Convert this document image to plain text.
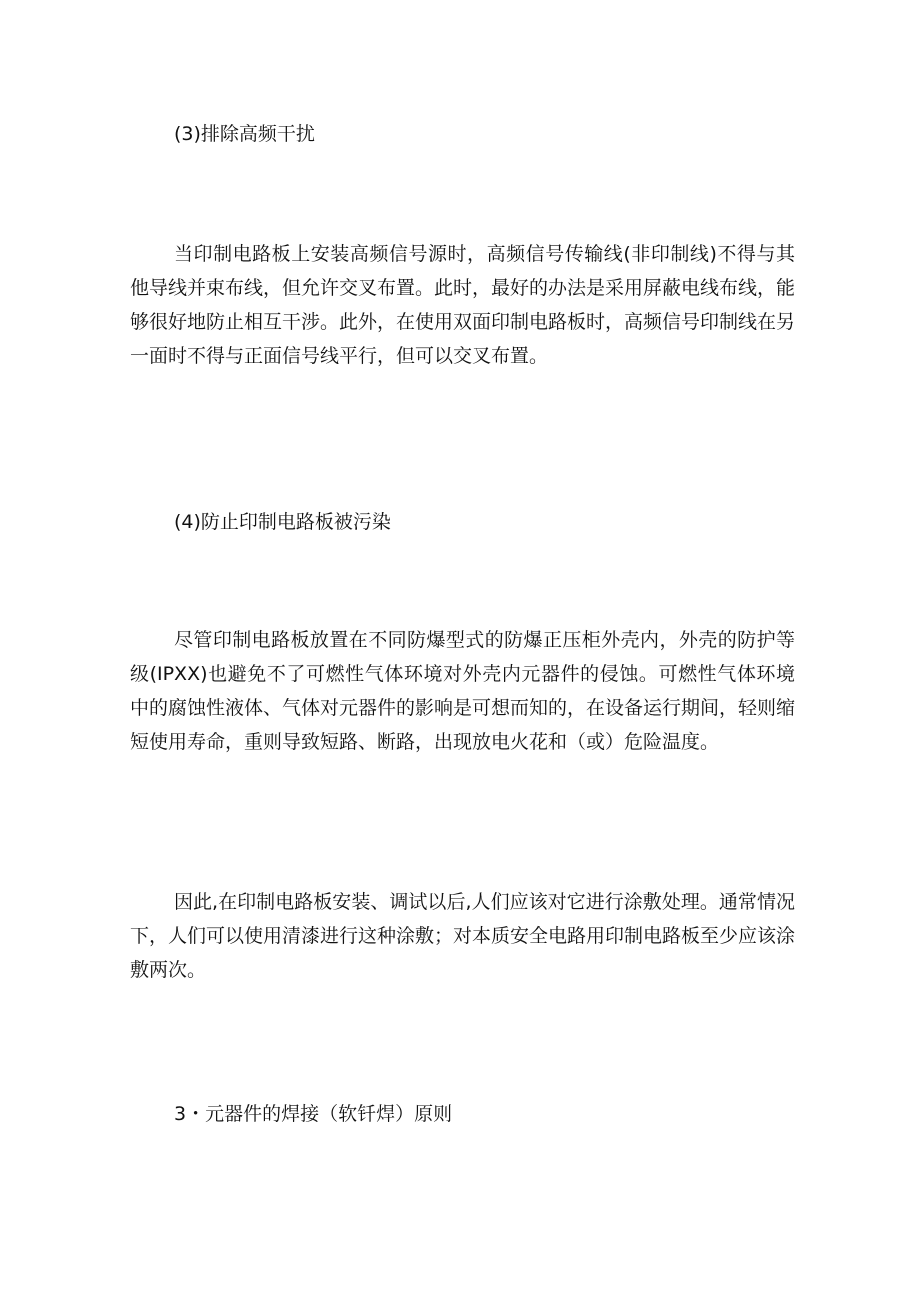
(3)排除高频干扰

当印制电路板上安装高频信号源时，高频信号传输线(非印制线)不得与其他导线并束布线，但允许交叉布置。此时，最好的办法是采用屏蔽电线布线，能够很好地防止相互干涉。此外，在使用双面印制电路板时，高频信号印制线在另一面时不得与正面信号线平行，但可以交叉布置。

(4)防止印制电路板被污染

尽管印制电路板放置在不同防爆型式的防爆正压柜外壳内，外壳的防护等级(IPXX)也避免不了可燃性气体环境对外壳内元器件的侵蚀。可燃性气体环境中的腐蚀性液体、气体对元器件的影响是可想而知的，在设备运行期间，轻则缩短使用寿命，重则导致短路、断路，出现放电火花和（或）危险温度。

因此,在印制电路板安装、调试以后,人们应该对它进行涂敷处理。通常情况下，人们可以使用清漆进行这种涂敷；对本质安全电路用印制电路板至少应该涂敷两次。

3・元器件的焊接（软钎焊）原则
